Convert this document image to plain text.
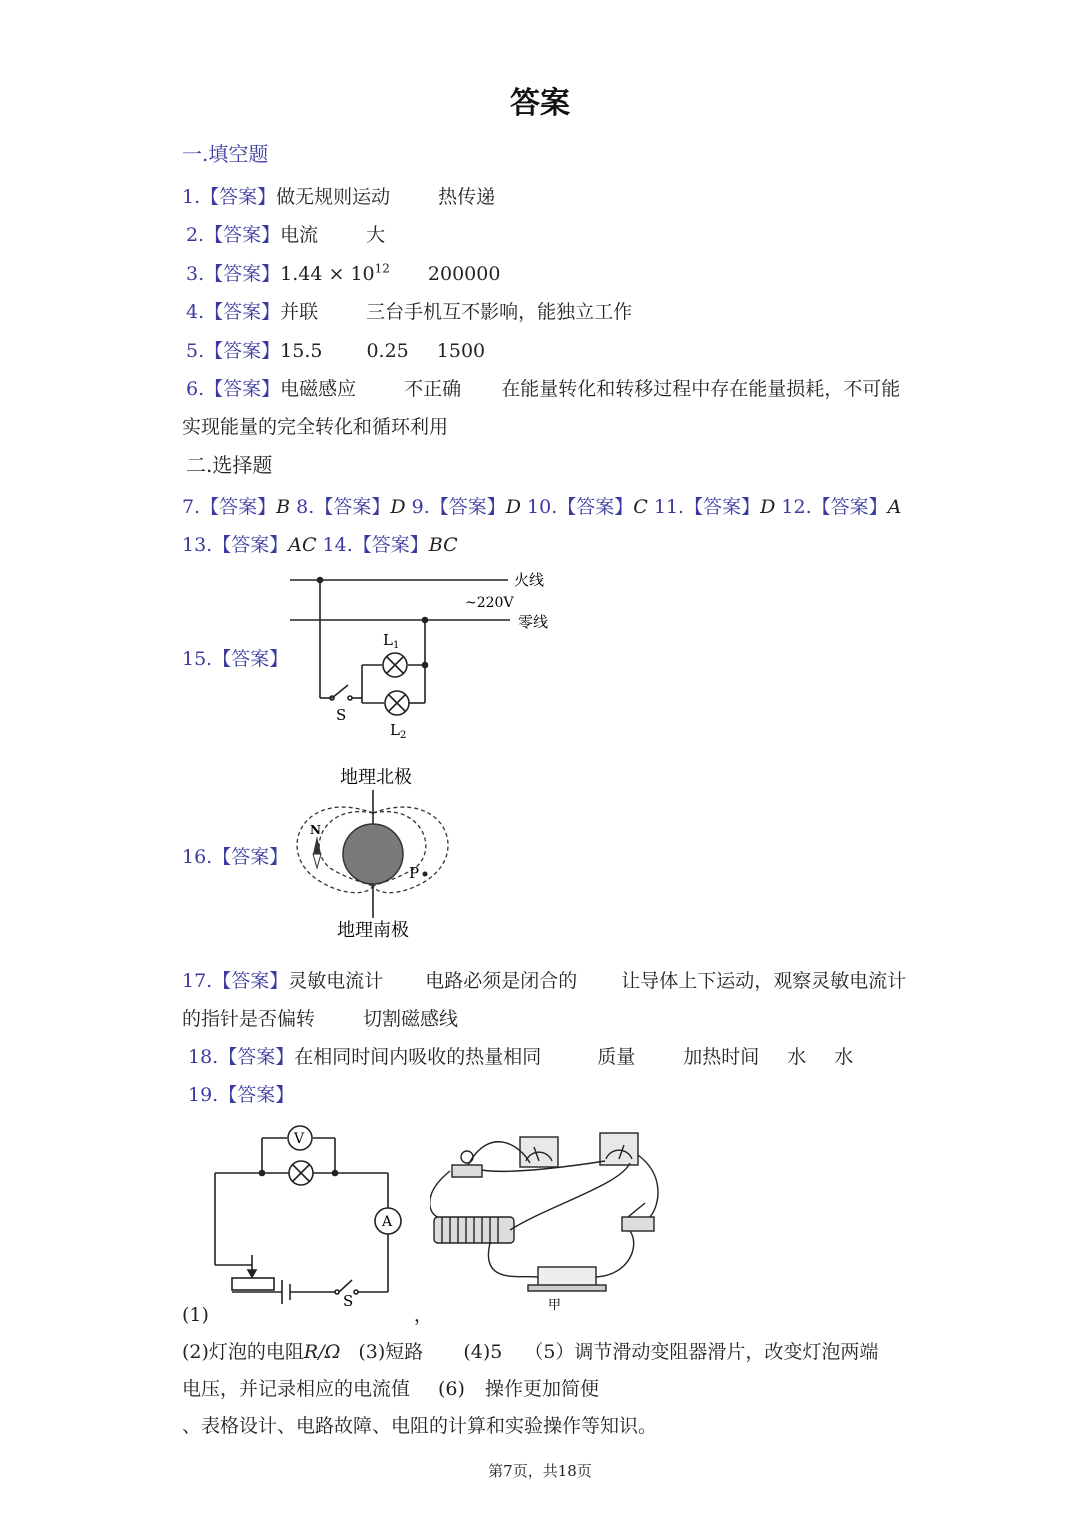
答案
一.填空题
1.【答案】做无规则运动	热传递
2.【答案】电流	大
3.【答案】$1.44 \times 10^{12}$ 200000
4.【答案】并联	三台手机互不影响，能独立工作
5.【答案】15.5 0.25 1500
6.【答案】电磁感应	不正确 在能量转化和转移过程中存在能量损耗，不可能
实现能量的完全转化和循环利用
二.选择题
7.【答案】B 8.【答案】D 9.【答案】D 10.【答案】C 11.【答案】D 12.【答案】A
13.【答案】AC 14.【答案】BC
15.【答案】
火线
~220V
零线
$L_1$
$L_2$
S
16.【答案】
地理北极
N
P
地理南极
17.【答案】灵敏电流计 电路必须是闭合的 让导体上下运动，观察灵敏电流计
的指针是否偏转	切割磁感线
18.【答案】在相同时间内吸收的热量相同	质量	加热时间 水 水
19.【答案】
V
A
S	甲
(1)	，
(2)灯泡的电阻R/Ω (3)短路 (4)5 （5）调节滑动变阻器滑片，改变灯泡两端
电压，并记录相应的电流值 (6) 操作更加简便
、表格设计、电路故障、电阻的计算和实验操作等知识。
第7页，共18页
